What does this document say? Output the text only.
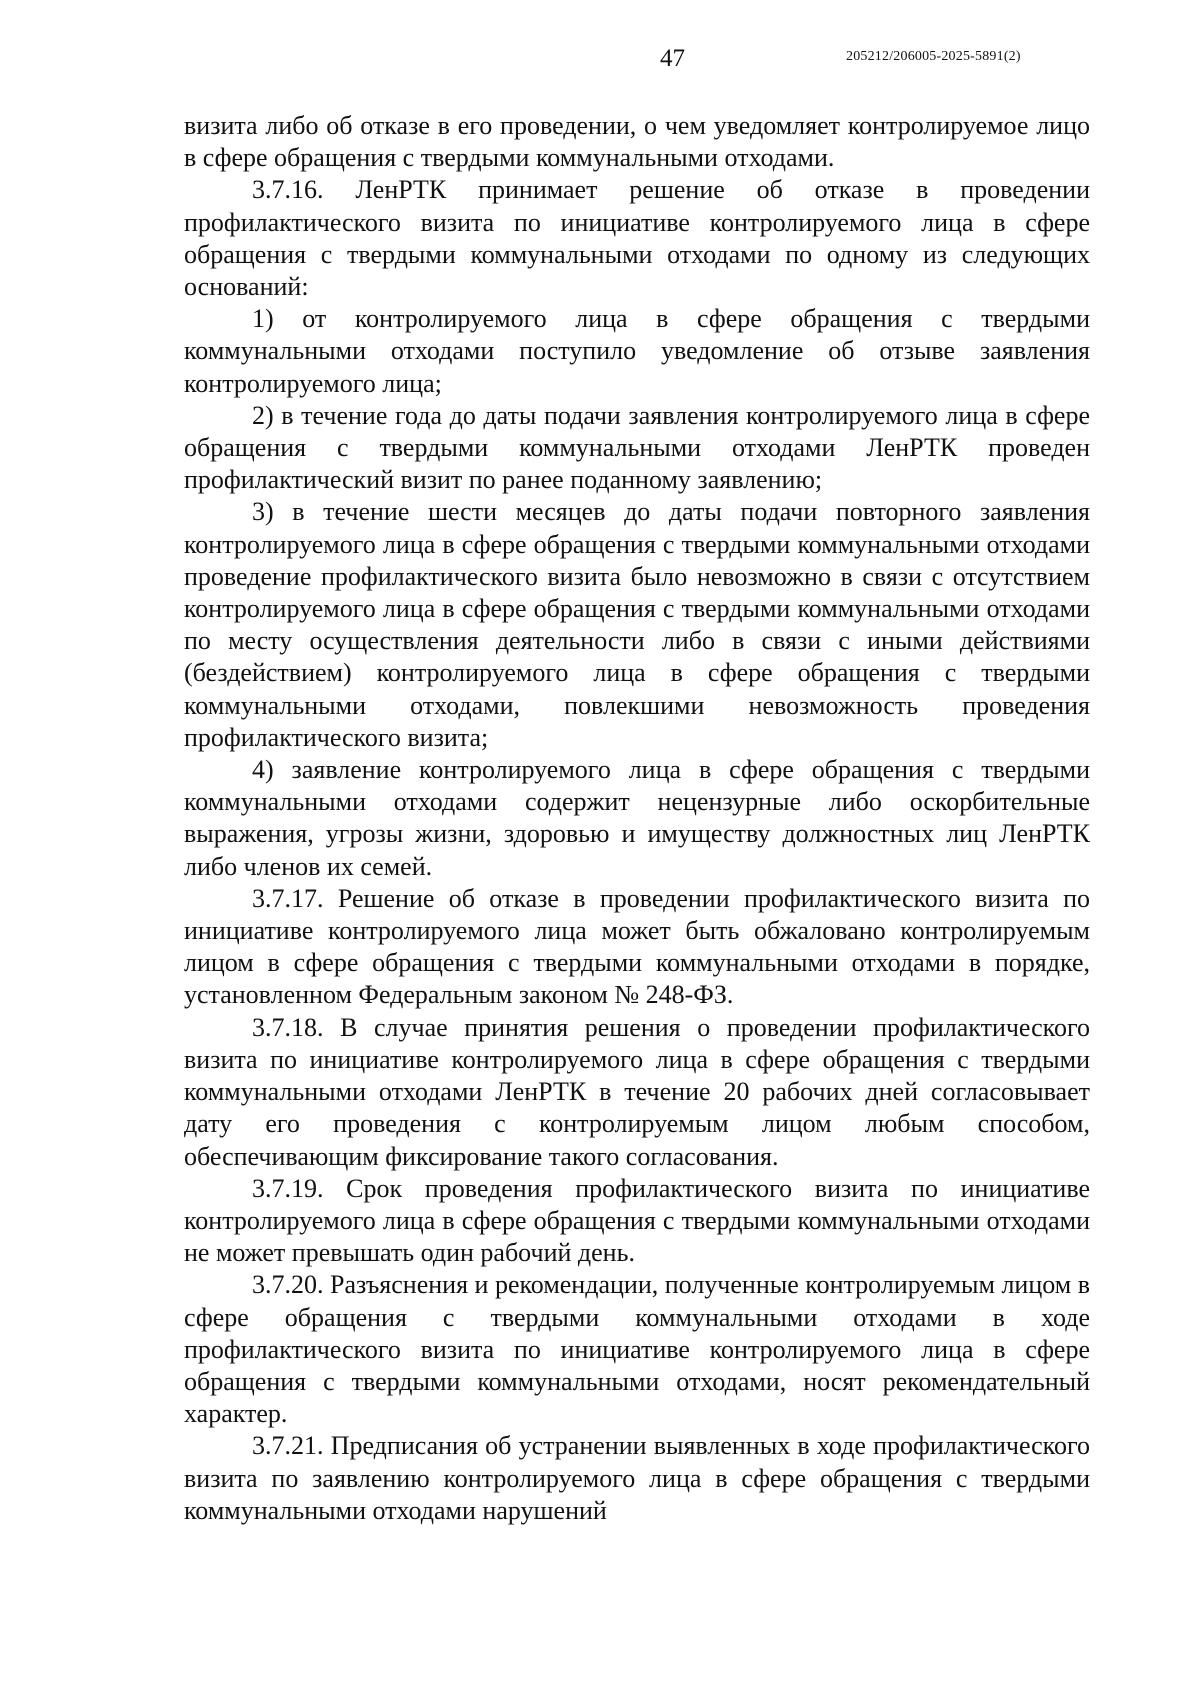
47	205212/206005-2025-5891(2)

визита либо об отказе в его проведении, о чем уведомляет контролируемое лицо в сфере обращения с твердыми коммунальными отходами.

3.7.16. ЛенРТК принимает решение об отказе в проведении профилактического визита по инициативе контролируемого лица в сфере обращения с твердыми коммунальными отходами по одному из следующих оснований:

1) от контролируемого лица в сфере обращения с твердыми коммунальными отходами поступило уведомление об отзыве заявления контролируемого лица;

2) в течение года до даты подачи заявления контролируемого лица в сфере обращения с твердыми коммунальными отходами ЛенРТК проведен профилактический визит по ранее поданному заявлению;

3) в течение шести месяцев до даты подачи повторного заявления контролируемого лица в сфере обращения с твердыми коммунальными отходами проведение профилактического визита было невозможно в связи с отсутствием контролируемого лица в сфере обращения с твердыми коммунальными отходами по месту осуществления деятельности либо в связи с иными действиями (бездействием) контролируемого лица в сфере обращения с твердыми коммунальными отходами, повлекшими невозможность проведения профилактического визита;

4) заявление контролируемого лица в сфере обращения с твердыми коммунальными отходами содержит нецензурные либо оскорбительные выражения, угрозы жизни, здоровью и имуществу должностных лиц ЛенРТК либо членов их семей.

3.7.17. Решение об отказе в проведении профилактического визита по инициативе контролируемого лица может быть обжаловано контролируемым лицом в сфере обращения с твердыми коммунальными отходами в порядке, установленном Федеральным законом № 248-ФЗ.

3.7.18. В случае принятия решения о проведении профилактического визита по инициативе контролируемого лица в сфере обращения с твердыми коммунальными отходами ЛенРТК в течение 20 рабочих дней согласовывает дату его проведения с контролируемым лицом любым способом, обеспечивающим фиксирование такого согласования.

3.7.19. Срок проведения профилактического визита по инициативе контролируемого лица в сфере обращения с твердыми коммунальными отходами не может превышать один рабочий день.

3.7.20. Разъяснения и рекомендации, полученные контролируемым лицом в сфере обращения с твердыми коммунальными отходами в ходе профилактического визита по инициативе контролируемого лица в сфере обращения с твердыми коммунальными отходами, носят рекомендательный характер.

3.7.21. Предписания об устранении выявленных в ходе профилактического визита по заявлению контролируемого лица в сфере обращения с твердыми коммунальными отходами нарушений
